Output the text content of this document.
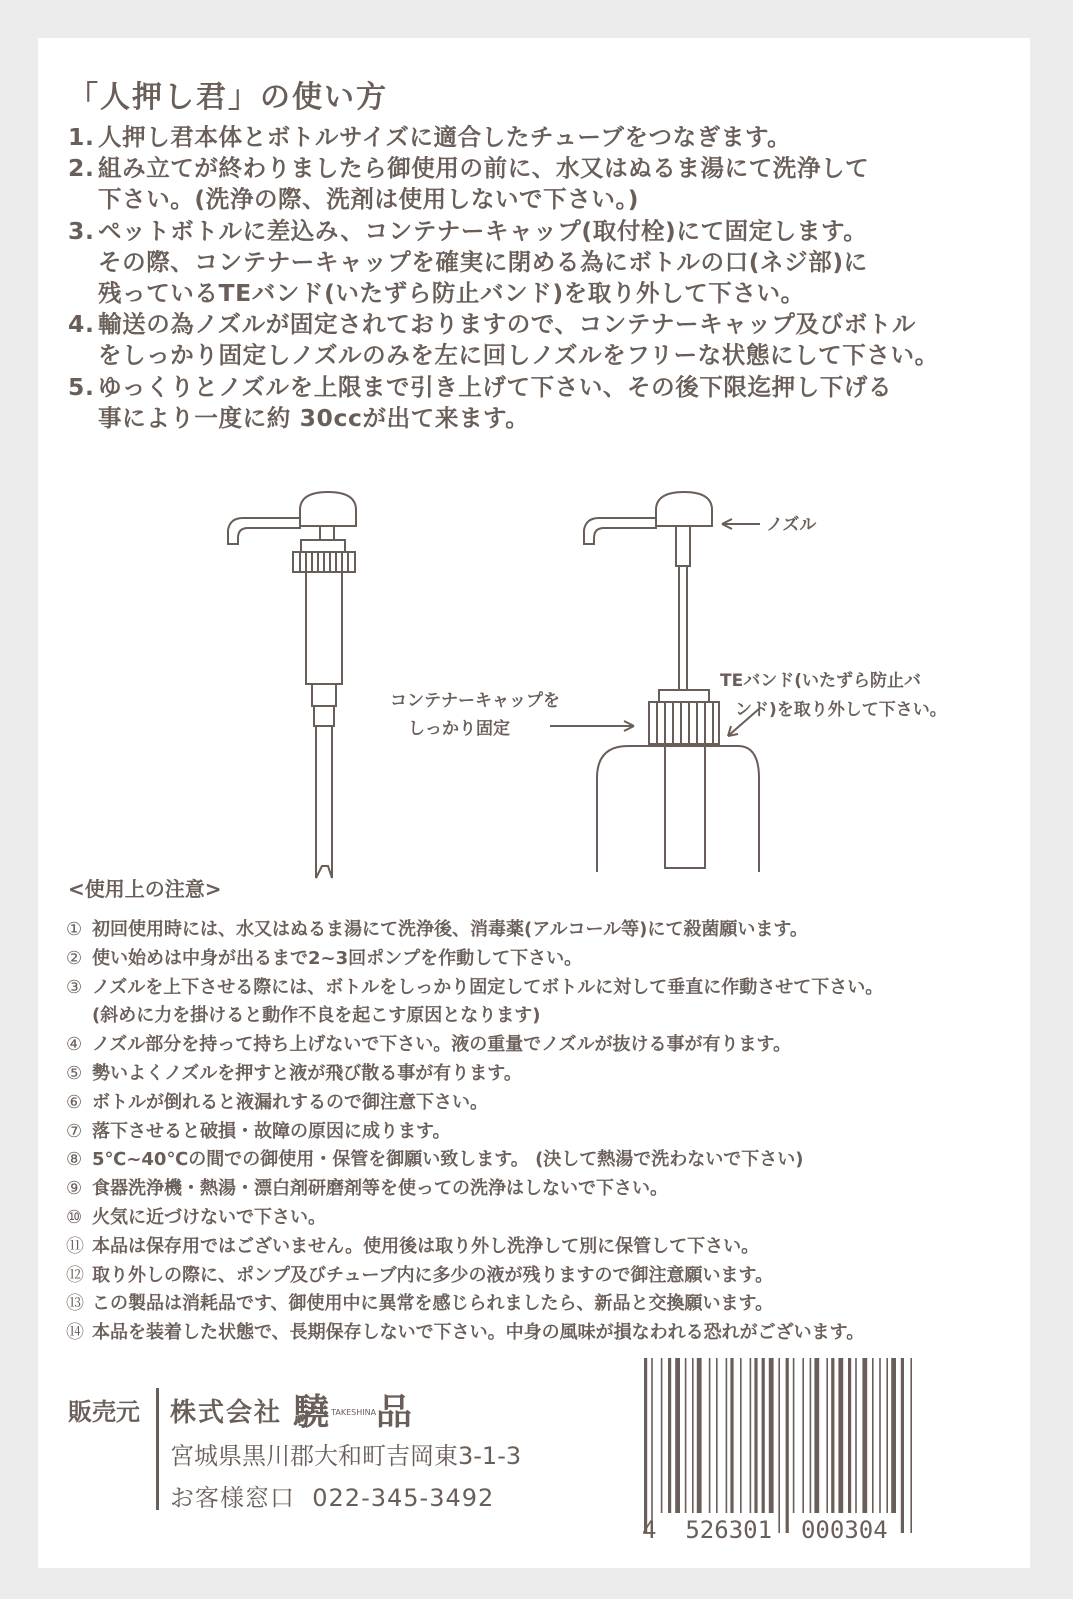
「人押し君」の使い方
1. 人押し君本体とボトルサイズに適合したチューブをつなぎます。
2. 組み立てが終わりましたら御使用の前に、水又はぬるま湯にて洗浄して
下さい。(洗浄の際、洗剤は使用しないで下さい。)
3. ペットボトルに差込み、コンテナーキャップ(取付栓)にて固定します。
その際、コンテナーキャップを確実に閉める為にボトルの口(ネジ部)に
残っているTEバンド(いたずら防止バンド)を取り外して下さい。
4. 輸送の為ノズルが固定されておりますので、コンテナーキャップ及びボトル
をしっかり固定しノズルのみを左に回しノズルをフリーな状態にして下さい。
5. ゆっくりとノズルを上限まで引き上げて下さい、その後下限迄押し下げる
事により一度に約 30ccが出て来ます。
ノズル
コンテナーキャップを
しっかり固定
TEバンド(いたずら防止バ
ンド)を取り外して下さい。
<使用上の注意>
① 初回使用時には、水又はぬるま湯にて洗浄後、消毒薬(アルコール等)にて殺菌願います。
② 使い始めは中身が出るまで2~3回ポンプを作動して下さい。
③ ノズルを上下させる際には、ボトルをしっかり固定してボトルに対して垂直に作動させて下さい。
(斜めに力を掛けると動作不良を起こす原因となります)
④ ノズル部分を持って持ち上げないで下さい。液の重量でノズルが抜ける事が有ります。
⑤ 勢いよくノズルを押すと液が飛び散る事が有ります。
⑥ ボトルが倒れると液漏れするので御注意下さい。
⑦ 落下させると破損・故障の原因に成ります。
⑧ 5℃~40℃の間での御使用・保管を御願い致します。 (決して熱湯で洗わないで下さい)
⑨ 食器洗浄機・熱湯・漂白剤研磨剤等を使っての洗浄はしないで下さい。
⑩ 火気に近づけないで下さい。
⑪ 本品は保存用ではございません。使用後は取り外し洗浄して別に保管して下さい。
⑫ 取り外しの際に、ポンプ及びチューブ内に多少の液が残りますので御注意願います。
⑬ この製品は消耗品です、御使用中に異常を感じられましたら、新品と交換願います。
⑭ 本品を装着した状態で、長期保存しないで下さい。中身の風味が損なわれる恐れがございます。
販売元 株式会社 驍$^{TAKESHINA}$品
宮城県黒川郡大和町吉岡東3-1-3
お客様窓口 022-345-3492
4 526301 000304
